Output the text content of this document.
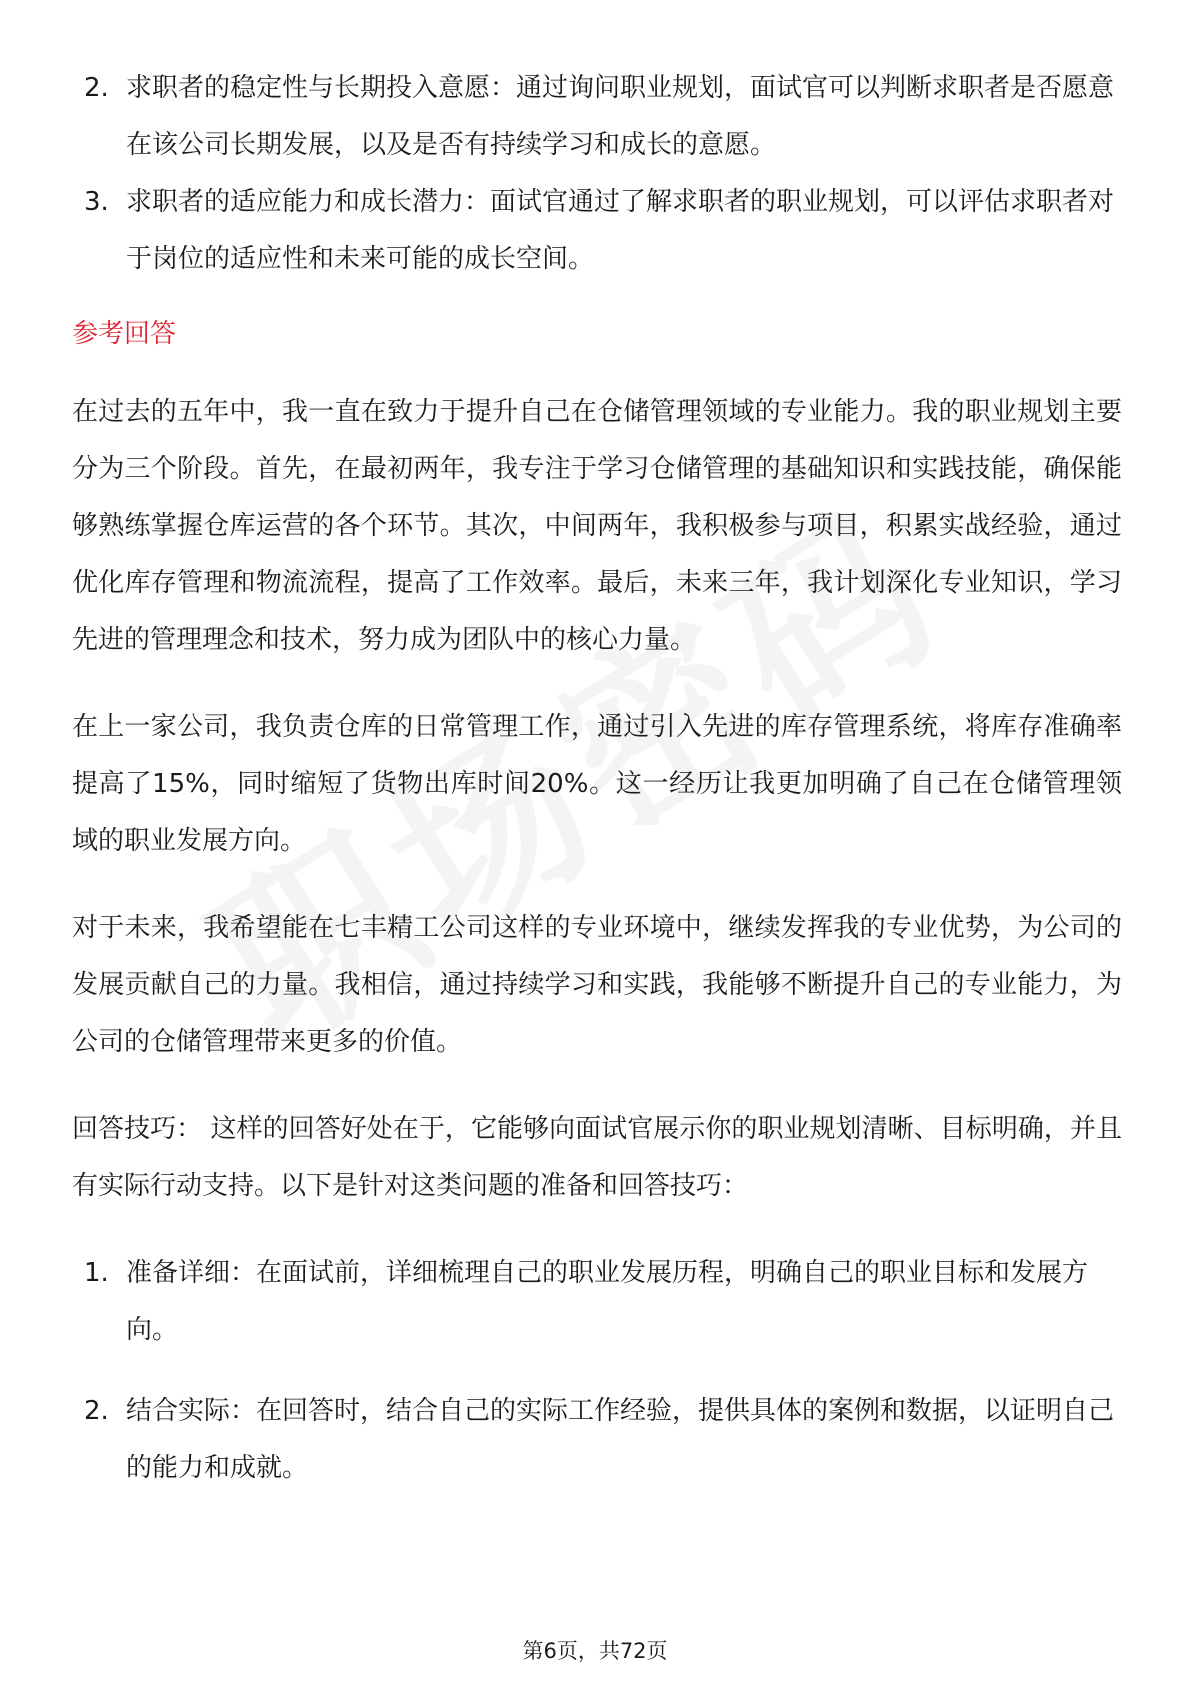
2. 求职者的稳定性与长期投入意愿：通过询问职业规划，面试官可以判断求职者是否愿意在该公司长期发展，以及是否有持续学习和成长的意愿。
3. 求职者的适应能力和成长潜力：面试官通过了解求职者的职业规划，可以评估求职者对于岗位的适应性和未来可能的成长空间。
参考回答

在过去的五年中，我一直在致力于提升自己在仓储管理领域的专业能力。我的职业规划主要分为三个阶段。首先，在最初两年，我专注于学习仓储管理的基础知识和实践技能，确保能够熟练掌握仓库运营的各个环节。其次，中间两年，我积极参与项目，积累实战经验，通过优化库存管理和物流流程，提高了工作效率。最后，未来三年，我计划深化专业知识，学习先进的管理理念和技术，努力成为团队中的核心力量。

在上一家公司，我负责仓库的日常管理工作，通过引入先进的库存管理系统，将库存准确率提高了15%，同时缩短了货物出库时间20%。这一经历让我更加明确了自己在仓储管理领域的职业发展方向。

对于未来，我希望能在七丰精工公司这样的专业环境中，继续发挥我的专业优势，为公司的发展贡献自己的力量。我相信，通过持续学习和实践，我能够不断提升自己的专业能力，为公司的仓储管理带来更多的价值。

回答技巧： 这样的回答好处在于，它能够向面试官展示你的职业规划清晰、目标明确，并且有实际行动支持。以下是针对这类问题的准备和回答技巧：

1. 准备详细：在面试前，详细梳理自己的职业发展历程，明确自己的职业目标和发展方向。
2. 结合实际：在回答时，结合自己的实际工作经验，提供具体的案例和数据，以证明自己的能力和成就。
第6页，共72页
